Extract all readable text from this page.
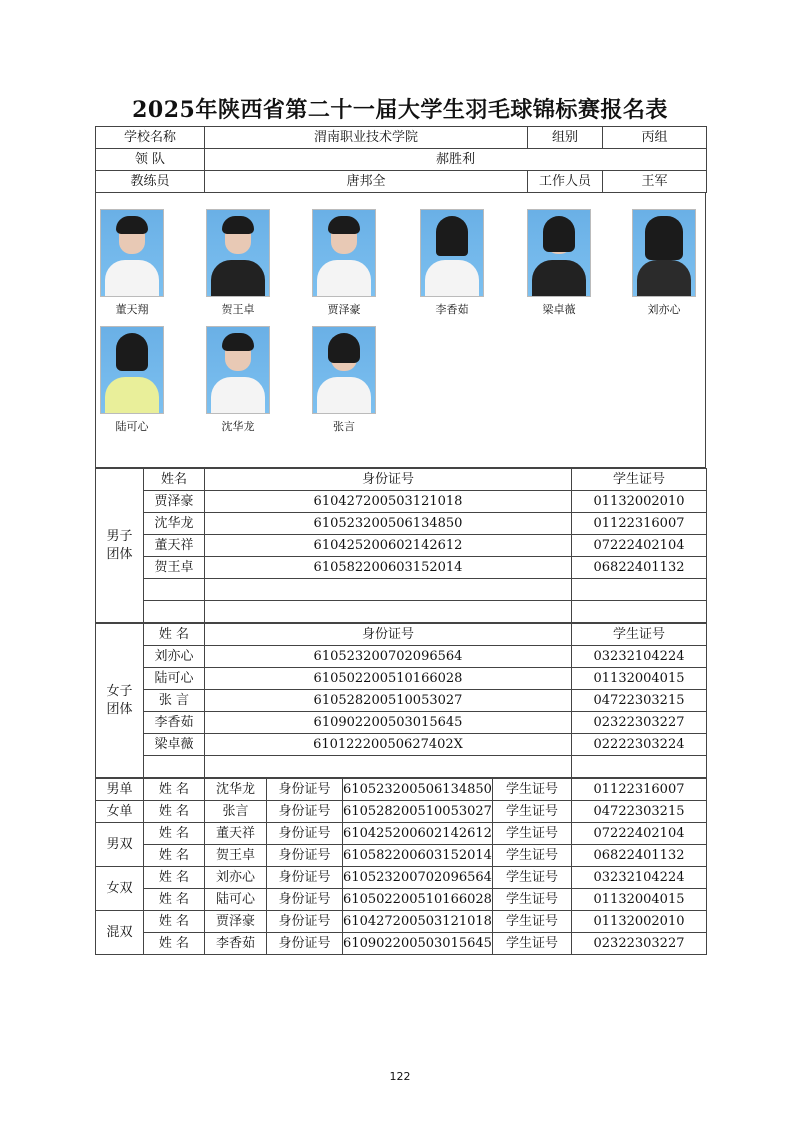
2025年陕西省第二十一届大学生羽毛球锦标赛报名表
学校名称	渭南职业技术学院	组别	丙组
领 队	郝胜利		
教练员	唐邦全	工作人员	王军
董天翔	贺王卓	贾泽豪	李香茹	梁卓薇	刘亦心
陆可心	沈华龙	张言
男子
团体	姓名	身份证号	学生证号
	贾泽豪	610427200503121018	01132002010
	沈华龙	610523200506134850	01122316007
	董天祥	610425200602142612	07222402104
	贺王卓	610582200603152014	06822401132

女子
团体	姓 名	身份证号	学生证号
	刘亦心	610523200702096564	03232104224
	陆可心	610502200510166028	01132004015
	张 言	610528200510053027	04722303215
	李香茹	610902200503015645	02322303227
	梁卓薇	61012220050627402X	02222303224

男单	姓 名	沈华龙	身份证号	610523200506134850	学生证号	01122316007
女单	姓 名	张言	身份证号	610528200510053027	学生证号	04722303215
男双	姓 名	董天祥	身份证号	610425200602142612	学生证号	07222402104
	姓 名	贺王卓	身份证号	610582200603152014	学生证号	06822401132
女双	姓 名	刘亦心	身份证号	610523200702096564	学生证号	03232104224
	姓 名	陆可心	身份证号	610502200510166028	学生证号	01132004015
混双	姓 名	贾泽豪	身份证号	610427200503121018	学生证号	01132002010
	姓 名	李香茹	身份证号	610902200503015645	学生证号	02322303227
122
